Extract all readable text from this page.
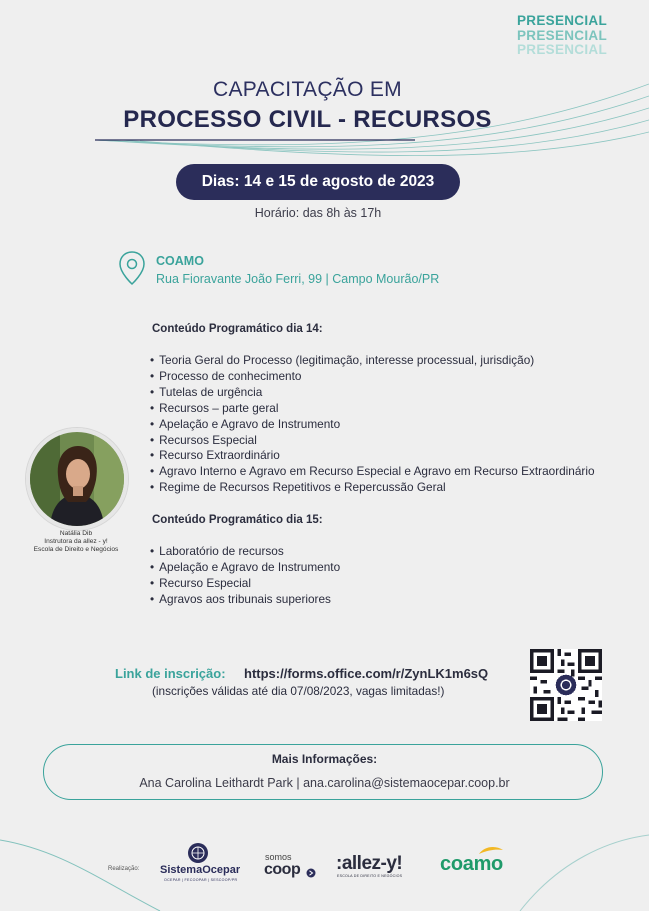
PRESENCIAL
PRESENCIAL
PRESENCIAL
CAPACITAÇÃO EM
PROCESSO CIVIL - RECURSOS
Dias: 14 e 15 de agosto de 2023
Horário: das 8h às 17h
COAMO
Rua Fioravante João Ferri, 99 | Campo Mourão/PR
Conteúdo Programático dia 14:
• Teoria Geral do Processo (legitimação, interesse processual, jurisdição)
• Processo de conhecimento
• Tutelas de urgência
• Recursos – parte geral
• Apelação e Agravo de Instrumento
• Recursos Especial
• Recurso Extraordinário
• Agravo Interno e Agravo em Recurso Especial e Agravo em Recurso Extraordinário
• Regime de Recursos Repetitivos e Repercussão Geral
Conteúdo Programático dia 15:
• Laboratório de recursos
• Apelação e Agravo de Instrumento
• Recurso Especial
• Agravos aos tribunais superiores
Natália Dib
Instrutora da allez - y!
Escola de Direito e Negócios
Link de inscrição: https://forms.office.com/r/ZynLK1m6sQ
(inscrições válidas até dia 07/08/2023, vagas limitadas!)
Mais Informações:
Ana Carolina Leithardt Park | ana.carolina@sistemaocepar.coop.br
Realização: SistemaOcepar
OCEPAR | FECOOPAR | SESCOOP/PR
somos
coop :allez-y!
ESCOLA DE DIREITO E NEGÓCIOS
coamo
